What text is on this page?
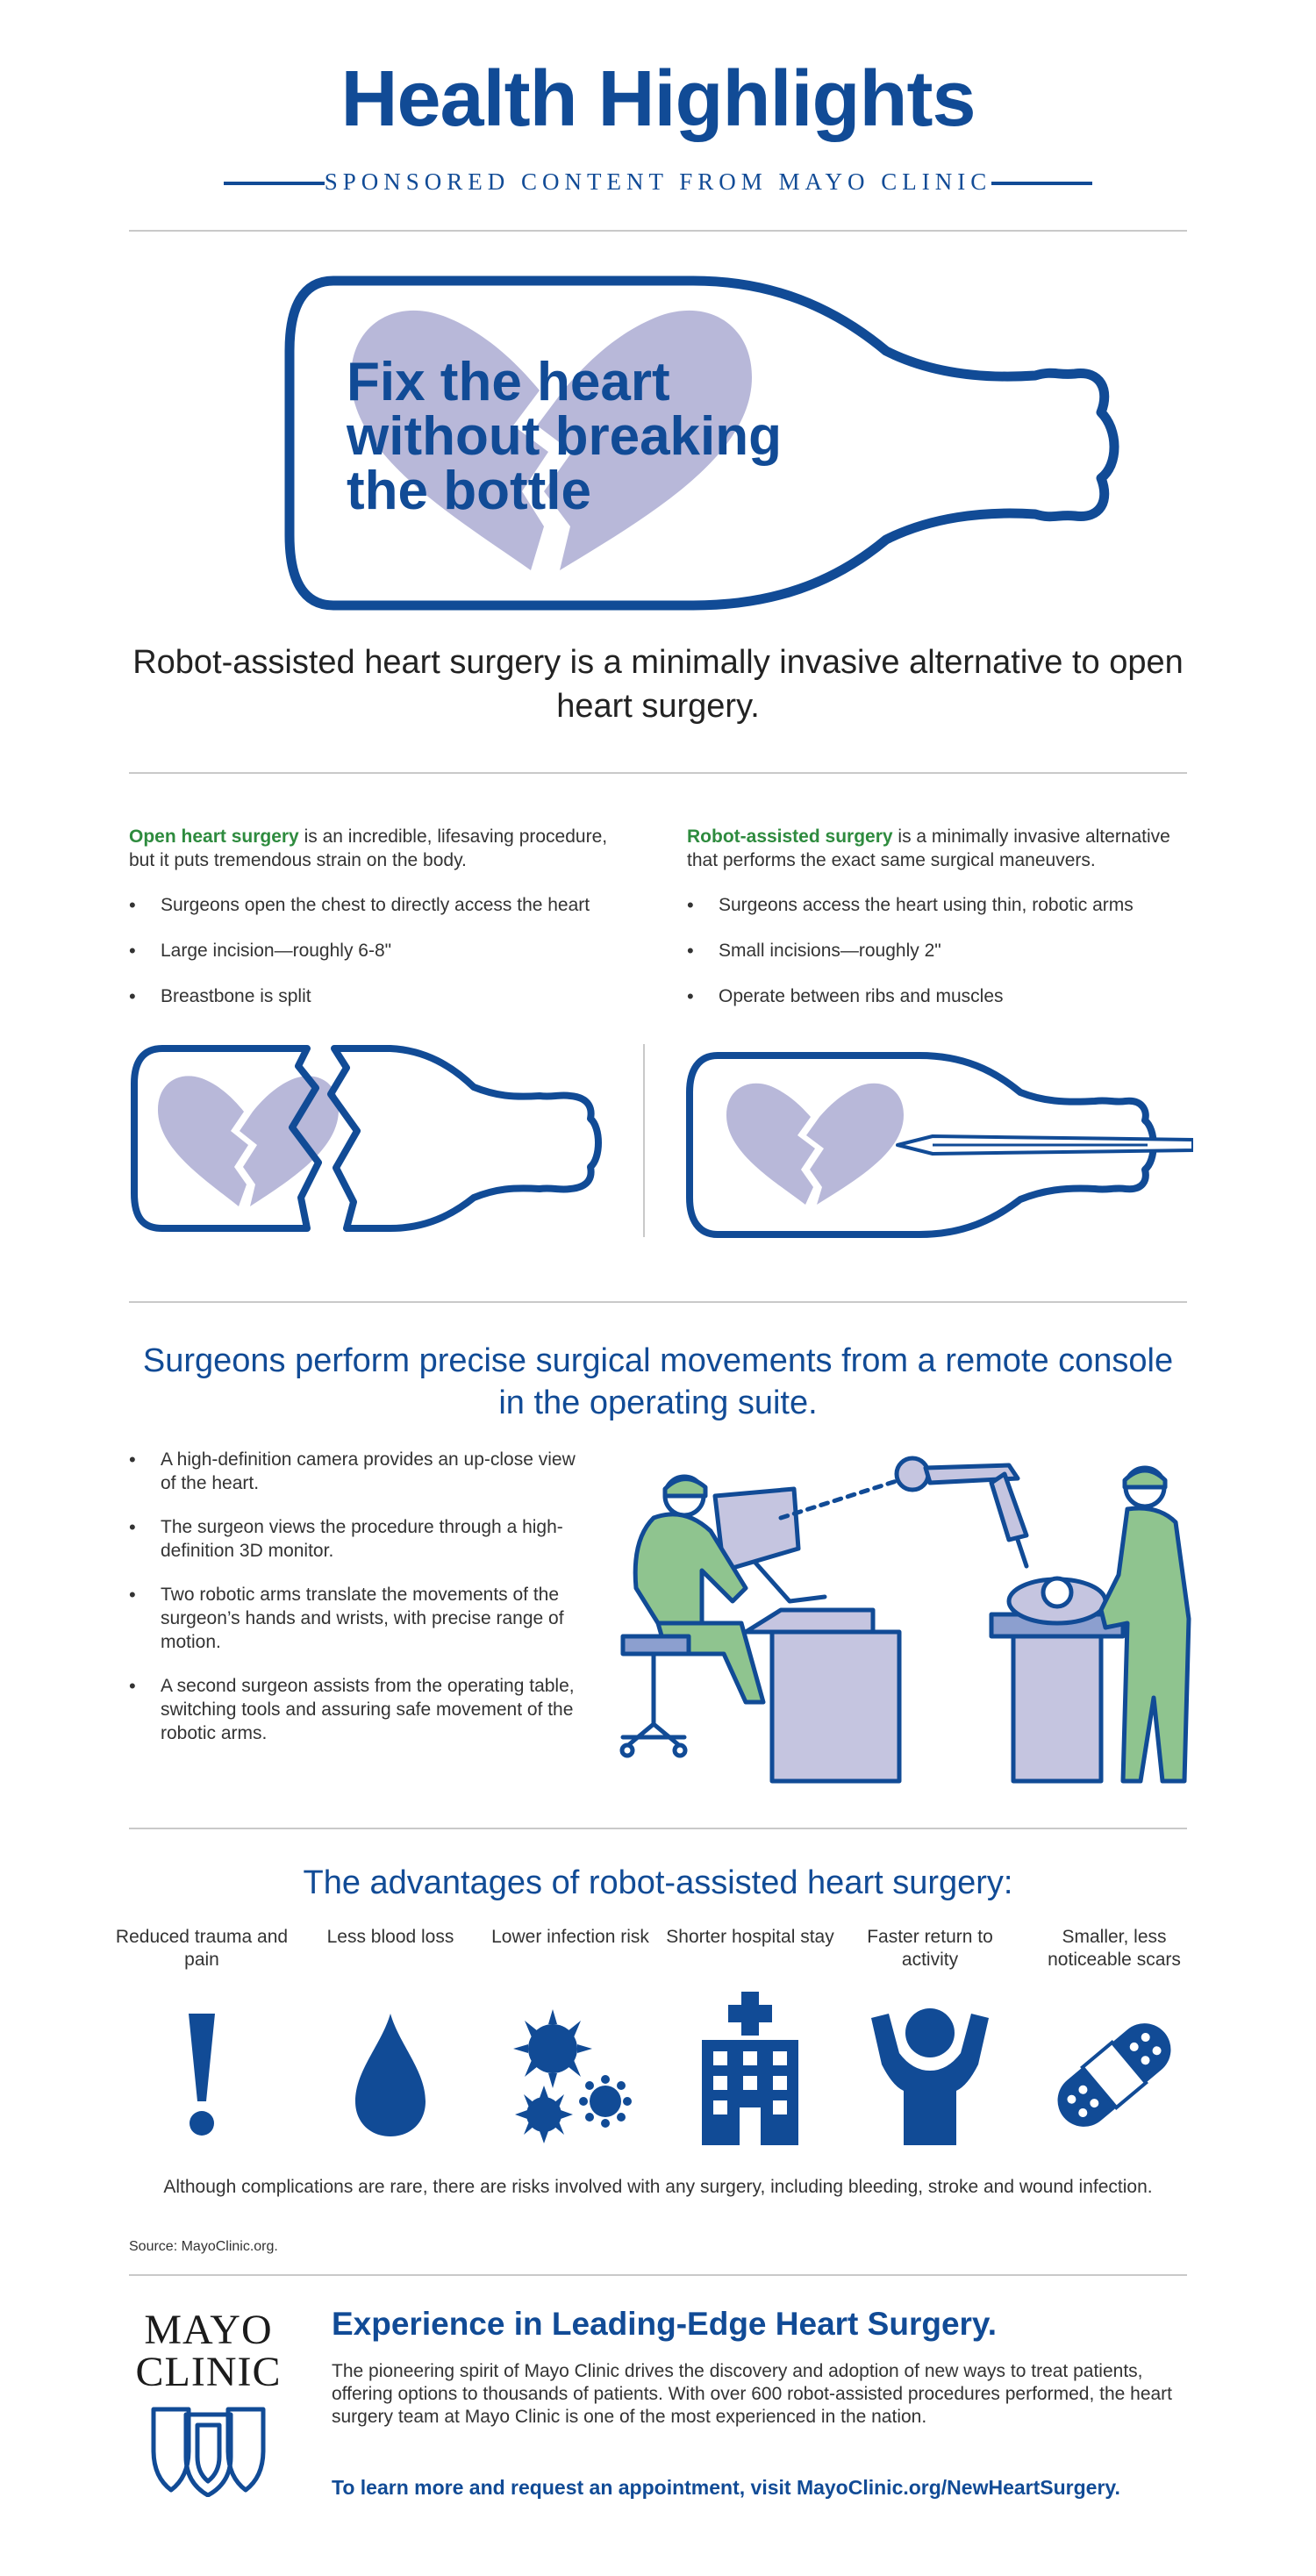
Health Highlights
SPONSORED CONTENT FROM MAYO CLINIC
Fix the heart
without breaking
the bottle
Robot-assisted heart surgery is a minimally invasive alternative to open heart surgery.
Open heart surgery is an incredible, lifesaving procedure, but it puts tremendous strain on the body.
• Surgeons open the chest to directly access the heart
• Large incision—roughly 6-8"
• Breastbone is split
Robot-assisted surgery is a minimally invasive alternative that performs the exact same surgical maneuvers.
• Surgeons access the heart using thin, robotic arms
• Small incisions—roughly 2"
• Operate between ribs and muscles
Surgeons perform precise surgical movements from a remote console in the operating suite.
• A high-definition camera provides an up-close view of the heart.
• The surgeon views the procedure through a high-definition 3D monitor.
• Two robotic arms translate the movements of the surgeon’s hands and wrists, with precise range of motion.
• A second surgeon assists from the operating table, switching tools and assuring safe movement of the robotic arms.
The advantages of robot-assisted heart surgery:
Reduced trauma and pain
Less blood loss	Lower infection risk Shorter hospital stay	Faster return to activity
Smaller, less noticeable scars
Although complications are rare, there are risks involved with any surgery, including bleeding, stroke and wound infection.
Source: MayoClinic.org.
MAYO
CLINIC
Experience in Leading-Edge Heart Surgery.
The pioneering spirit of Mayo Clinic drives the discovery and adoption of new ways to treat patients, offering options to thousands of patients. With over 600 robot-assisted procedures performed, the heart surgery team at Mayo Clinic is one of the most experienced in the nation.
To learn more and request an appointment, visit MayoClinic.org/NewHeartSurgery.
